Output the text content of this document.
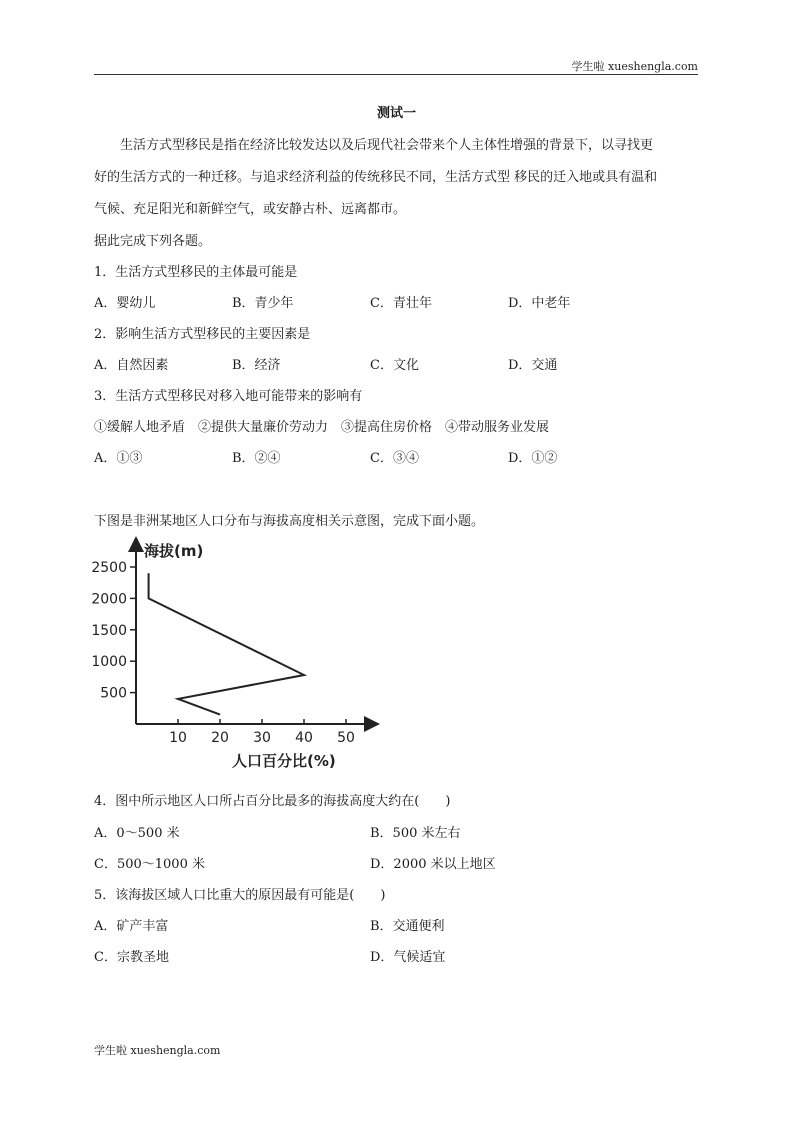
学生啦 xueshengla.com
测试一
生活方式型移民是指在经济比较发达以及后现代社会带来个人主体性增强的背景下，以寻找更
好的生活方式的一种迁移。与追求经济利益的传统移民不同，生活方式型 移民的迁入地或具有温和
气候、充足阳光和新鲜空气，或安静古朴、远离都市。
据此完成下列各题。
1．生活方式型移民的主体最可能是
A．婴幼儿	B．青少年	C．青壮年	D．中老年
2．影响生活方式型移民的主要因素是
A．自然因素	B．经济	C．文化	D．交通
3．生活方式型移民对移入地可能带来的影响有
①缓解人地矛盾　②提供大量廉价劳动力　③提高住房价格　④带动服务业发展
A．①③	B．②④	C．③④	D．①②
下图是非洲某地区人口分布与海拔高度相关示意图，完成下面小题。
海拔(m)
人口百分比(%)
500
1000
1500
2000
2500
10 20 30 40 50
4．图中所示地区人口所占百分比最多的海拔高度大约在(　　)
A．0～500 米	B．500 米左右
C．500～1000 米	D．2000 米以上地区
5．该海拔区域人口比重大的原因最有可能是(　　)
A．矿产丰富	B．交通便利
C．宗教圣地	D．气候适宜
学生啦 xueshengla.com
